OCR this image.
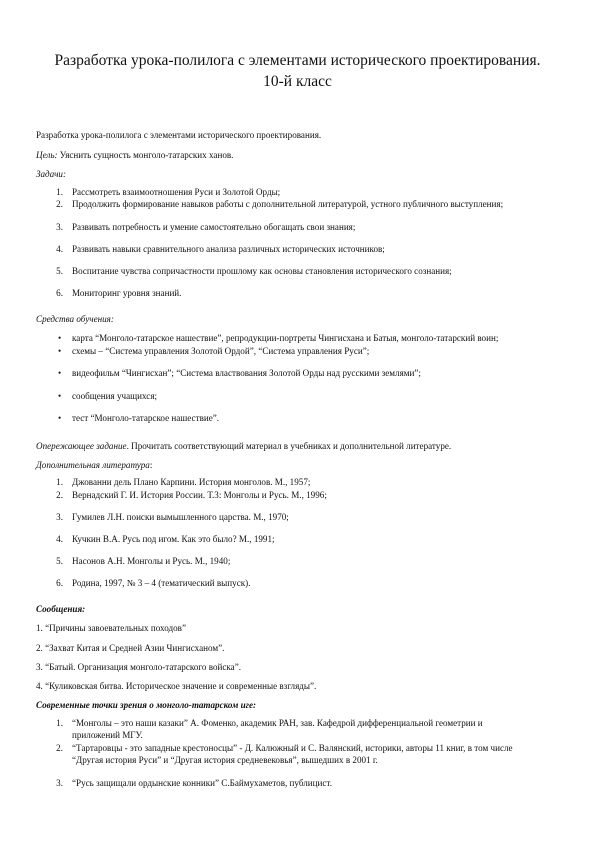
Разработка урока-полилога с элементами исторического проектирования.
10-й класс
Разработка урока-полилога с элементами исторического проектирования.
Цель: Уяснить сущность монголо-татарских ханов.
Задачи:
1. Рассмотреть взаимоотношения Руси и Золотой Орды;
2. Продолжить формирование навыков работы с дополнительной литературой, устного публичного выступления;
3. Развивать потребность и умение самостоятельно обогащать свои знания;
4. Развивать навыки сравнительного анализа различных исторических источников;
5. Воспитание чувства сопричастности прошлому как основы становления исторического сознания;
6. Мониторинг уровня знаний.
Средства обучения:
• карта “Монголо-татарское нашествие”, репродукции-портреты Чингисхана и Батыя, монголо-татарский воин;
• схемы – “Система управления Золотой Ордой”, “Система управления Руси”;
• видеофильм “Чингисхан”; “Система властвования Золотой Орды над русскими землями”;
• сообщения учащихся;
• тест “Монголо-татарское нашествие”.
Опережающее задание. Прочитать соответствующий материал в учебниках и дополнительной литературе.
Дополнительная литература:
1. Джованни дель Плано Карпини. История монголов. М., 1957;
2. Вернадский Г. И. История России. Т.3: Монголы и Русь. М., 1996;
3. Гумилев Л.Н. поиски вымышленного царства. М., 1970;
4. Кучкин В.А. Русь под игом. Как это было? М., 1991;
5. Насонов А.Н. Монголы и Русь. М., 1940;
6. Родина, 1997, № 3 – 4 (тематический выпуск).
Сообщения:
1. “Причины завоевательных походов”
2. “Захват Китая и Средней Азии Чингисханом”.
3. “Батый. Организация монголо-татарского войска”.
4. “Куликовская битва. Историческое значение и современные взгляды”.
Современные точки зрения о монголо-татарском иге:
1. “Монголы – это наши казаки” А. Фоменко, академик РАН, зав. Кафедрой дифференциальной геометрии и
приложений МГУ.
2. “Тартаровцы - это западные крестоносцы” - Д. Калюжный и С. Валянский, историки, авторы 11 книг, в том числе
“Другая история Руси” и “Другая история средневековья”, вышедших в 2001 г.
3. “Русь защищали ордынские конники” С.Баймухаметов, публицист.
